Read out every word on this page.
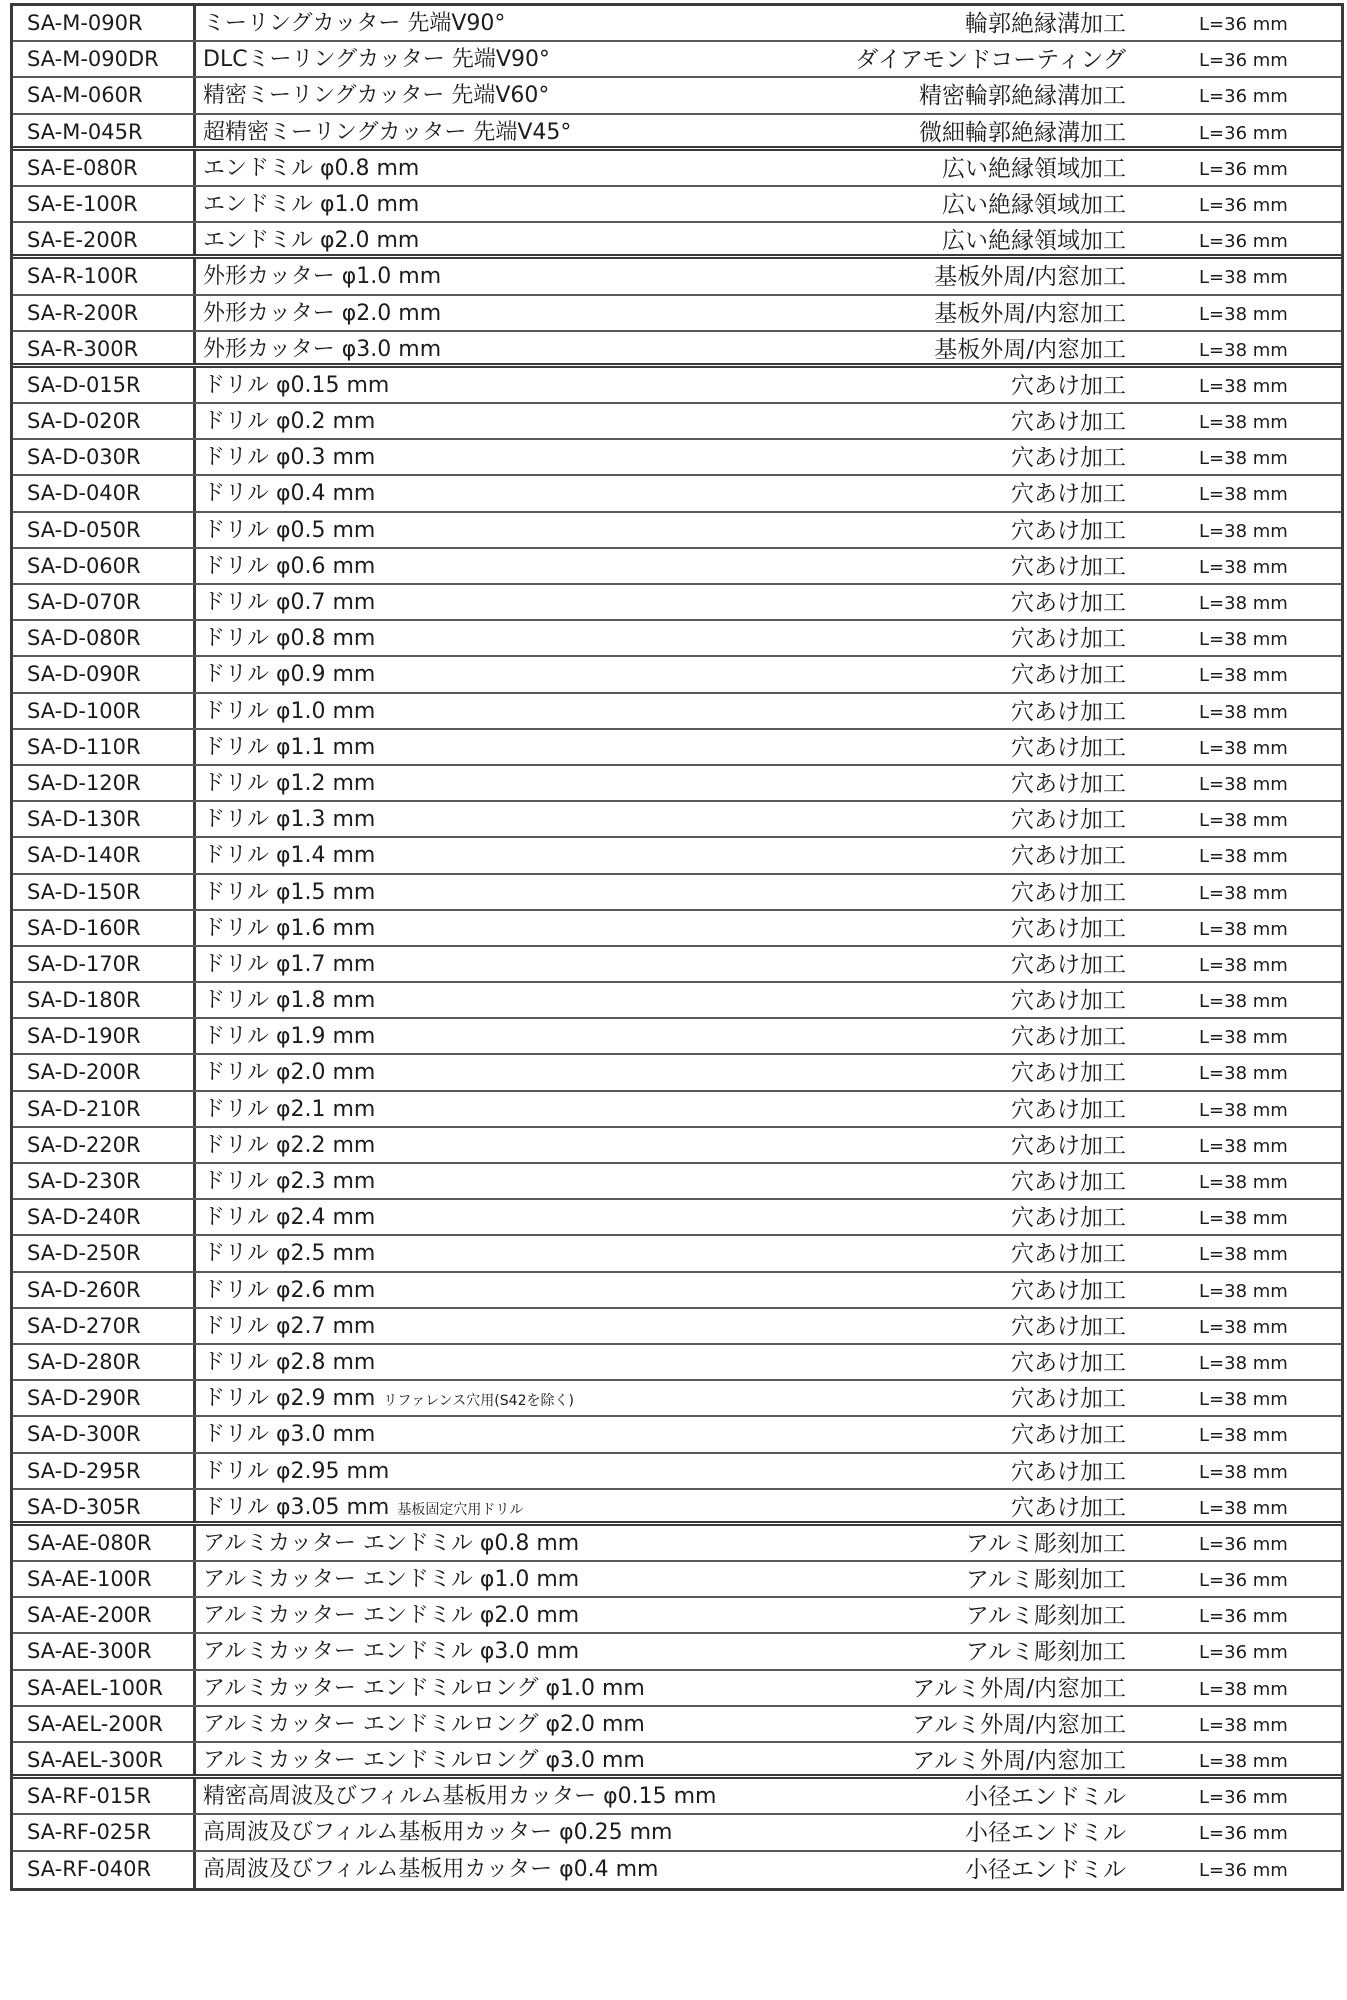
SA-M-090R	ミーリングカッター 先端V90°	輪郭絶縁溝加工	L=36 mm
SA-M-090DR	DLCミーリングカッター 先端V90°	ダイアモンドコーティング	L=36 mm
SA-M-060R	精密ミーリングカッター 先端V60°	精密輪郭絶縁溝加工	L=36 mm
SA-M-045R	超精密ミーリングカッター 先端V45°	微細輪郭絶縁溝加工	L=36 mm
SA-E-080R	エンドミル φ0.8 mm	広い絶縁領域加工	L=36 mm
SA-E-100R	エンドミル φ1.0 mm	広い絶縁領域加工	L=36 mm
SA-E-200R	エンドミル φ2.0 mm	広い絶縁領域加工	L=36 mm
SA-R-100R	外形カッター φ1.0 mm	基板外周/内窓加工	L=38 mm
SA-R-200R	外形カッター φ2.0 mm	基板外周/内窓加工	L=38 mm
SA-R-300R	外形カッター φ3.0 mm	基板外周/内窓加工	L=38 mm
SA-D-015R	ドリル φ0.15 mm	穴あけ加工	L=38 mm
SA-D-020R	ドリル φ0.2 mm	穴あけ加工	L=38 mm
SA-D-030R	ドリル φ0.3 mm	穴あけ加工	L=38 mm
SA-D-040R	ドリル φ0.4 mm	穴あけ加工	L=38 mm
SA-D-050R	ドリル φ0.5 mm	穴あけ加工	L=38 mm
SA-D-060R	ドリル φ0.6 mm	穴あけ加工	L=38 mm
SA-D-070R	ドリル φ0.7 mm	穴あけ加工	L=38 mm
SA-D-080R	ドリル φ0.8 mm	穴あけ加工	L=38 mm
SA-D-090R	ドリル φ0.9 mm	穴あけ加工	L=38 mm
SA-D-100R	ドリル φ1.0 mm	穴あけ加工	L=38 mm
SA-D-110R	ドリル φ1.1 mm	穴あけ加工	L=38 mm
SA-D-120R	ドリル φ1.2 mm	穴あけ加工	L=38 mm
SA-D-130R	ドリル φ1.3 mm	穴あけ加工	L=38 mm
SA-D-140R	ドリル φ1.4 mm	穴あけ加工	L=38 mm
SA-D-150R	ドリル φ1.5 mm	穴あけ加工	L=38 mm
SA-D-160R	ドリル φ1.6 mm	穴あけ加工	L=38 mm
SA-D-170R	ドリル φ1.7 mm	穴あけ加工	L=38 mm
SA-D-180R	ドリル φ1.8 mm	穴あけ加工	L=38 mm
SA-D-190R	ドリル φ1.9 mm	穴あけ加工	L=38 mm
SA-D-200R	ドリル φ2.0 mm	穴あけ加工	L=38 mm
SA-D-210R	ドリル φ2.1 mm	穴あけ加工	L=38 mm
SA-D-220R	ドリル φ2.2 mm	穴あけ加工	L=38 mm
SA-D-230R	ドリル φ2.3 mm	穴あけ加工	L=38 mm
SA-D-240R	ドリル φ2.4 mm	穴あけ加工	L=38 mm
SA-D-250R	ドリル φ2.5 mm	穴あけ加工	L=38 mm
SA-D-260R	ドリル φ2.6 mm	穴あけ加工	L=38 mm
SA-D-270R	ドリル φ2.7 mm	穴あけ加工	L=38 mm
SA-D-280R	ドリル φ2.8 mm	穴あけ加工	L=38 mm
SA-D-290R	ドリル φ2.9 mm リファレンス穴用(S42を除く)	穴あけ加工	L=38 mm
SA-D-300R	ドリル φ3.0 mm	穴あけ加工	L=38 mm
SA-D-295R	ドリル φ2.95 mm	穴あけ加工	L=38 mm
SA-D-305R	ドリル φ3.05 mm 基板固定穴用ドリル	穴あけ加工	L=38 mm
SA-AE-080R	アルミカッター エンドミル φ0.8 mm	アルミ彫刻加工	L=36 mm
SA-AE-100R	アルミカッター エンドミル φ1.0 mm	アルミ彫刻加工	L=36 mm
SA-AE-200R	アルミカッター エンドミル φ2.0 mm	アルミ彫刻加工	L=36 mm
SA-AE-300R	アルミカッター エンドミル φ3.0 mm	アルミ彫刻加工	L=36 mm
SA-AEL-100R	アルミカッター エンドミルロング φ1.0 mm	アルミ外周/内窓加工	L=38 mm
SA-AEL-200R	アルミカッター エンドミルロング φ2.0 mm	アルミ外周/内窓加工	L=38 mm
SA-AEL-300R	アルミカッター エンドミルロング φ3.0 mm	アルミ外周/内窓加工	L=38 mm
SA-RF-015R	精密高周波及びフィルム基板用カッター φ0.15 mm	小径エンドミル	L=36 mm
SA-RF-025R	高周波及びフィルム基板用カッター φ0.25 mm	小径エンドミル	L=36 mm
SA-RF-040R	高周波及びフィルム基板用カッター φ0.4 mm	小径エンドミル	L=36 mm
